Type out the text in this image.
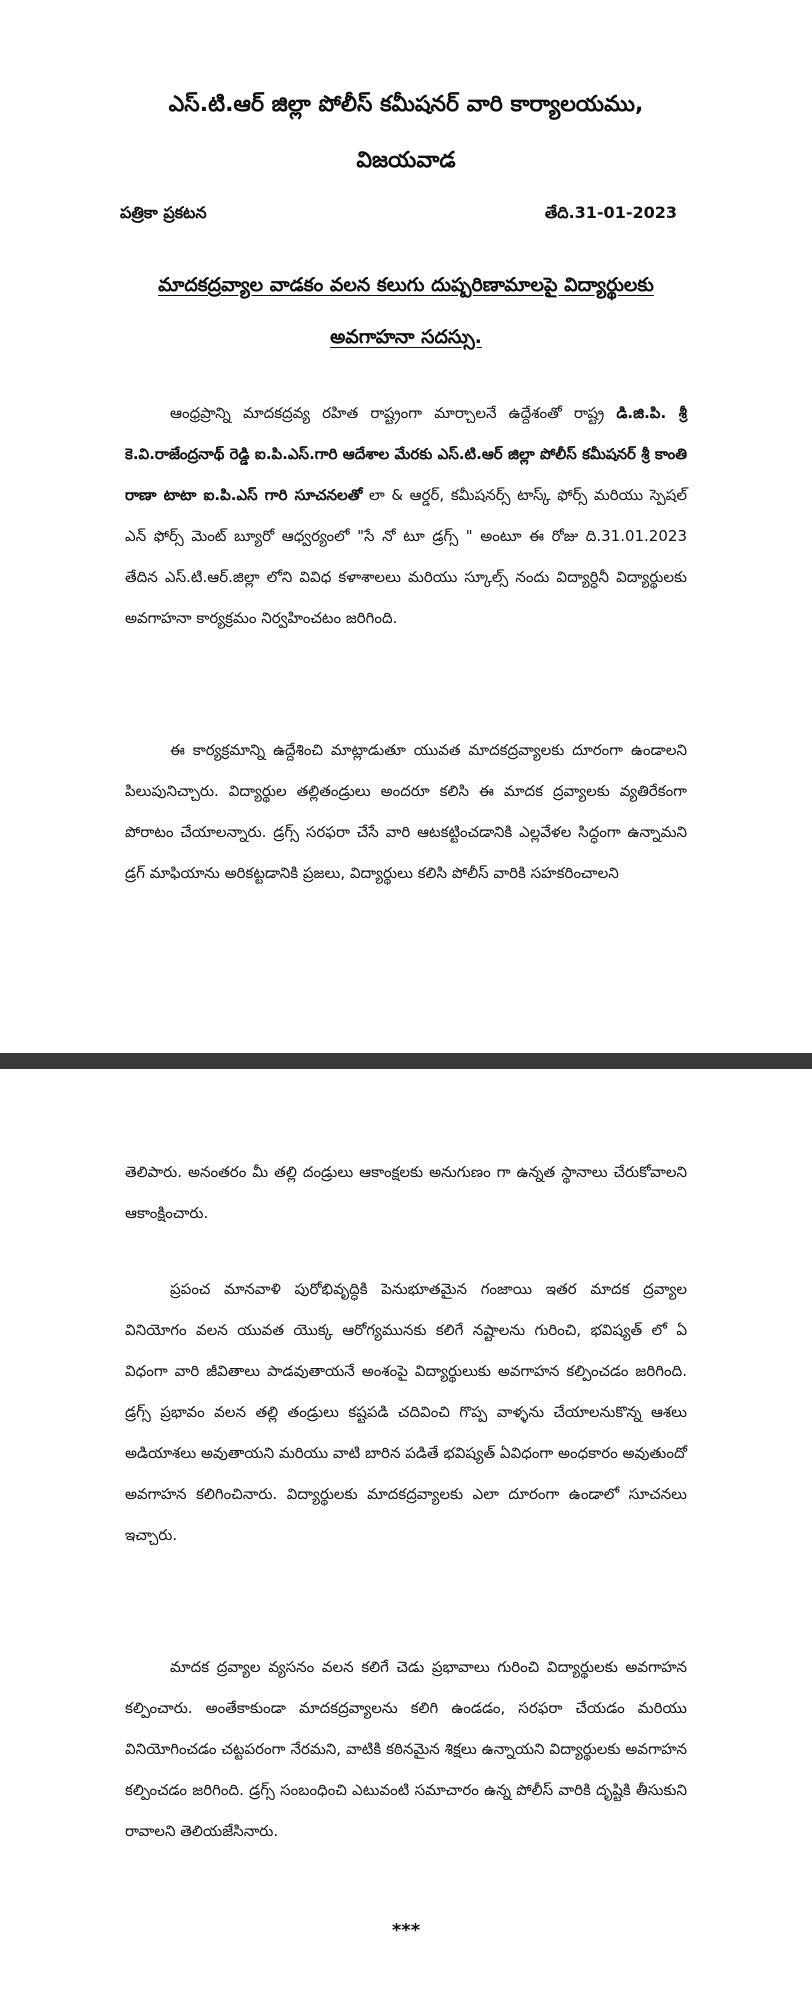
ఎస్.టి.ఆర్ జిల్లా పోలీస్ కమీషనర్ వారి కార్యాలయము,
విజయవాడ
పత్రికా ప్రకటన	తేది.31-01-2023
మాదకద్రవ్యాల వాడకం వలన కలుగు దుష్పరిణామాలపై విద్యార్థులకు
అవగాహనా సదస్సు.
ఆంధ్రప్రాన్ని మాదకద్రవ్య రహిత రాష్ట్రంగా మార్చాలనే ఉద్దేశంతో రాష్ట్ర డి.జి.పి. శ్రీ కె.వి.రాజేంద్రనాథ్ రెడ్డి ఐ.పి.ఎస్.గారి ఆదేశాల మేరకు ఎస్.టి.ఆర్ జిల్లా పోలీస్ కమీషనర్ శ్రీ కాంతి రాణా టాటా ఐ.పి.ఎస్ గారి సూచనలతో లా & ఆర్డర్, కమీషనర్స్ టాస్క్ ఫోర్స్ మరియు స్పెషల్ ఎన్ ఫోర్స్ మెంట్ బ్యూరో ఆధ్వర్యంలో "సే నో టూ డ్రగ్స్ " అంటూ ఈ రోజు ది.31.01.2023 తేదిన ఎస్.టి.ఆర్.జిల్లా లోని వివిధ కళాశాలలు మరియు స్కూల్స్ నందు విద్యార్ధినీ విద్యార్థులకు అవగాహనా కార్యక్రమం నిర్వహించటం జరిగింది.
ఈ కార్యక్రమాన్ని ఉద్దేశించి మాట్లాడుతూ యువత మాదకద్రవ్యాలకు దూరంగా ఉండాలని పిలుపునిచ్చారు. విద్యార్థుల తల్లితండ్రులు అందరూ కలిసి ఈ మాదక ద్రవ్యాలకు వ్యతిరేకంగా పోరాటం చేయాలన్నారు. డ్రగ్స్ సరఫరా చేసే వారి ఆటకట్టించడానికి ఎల్లవేళల సిద్ధంగా ఉన్నామని డ్రగ్ మాఫియాను అరికట్టడానికి ప్రజలు, విద్యార్థులు కలిసి పోలీస్ వారికి సహకరించాలని
తెలిపారు. అనంతరం మీ తల్లి దండ్రులు ఆకాంక్షలకు అనుగుణం గా ఉన్నత స్థానాలు చేరుకోవాలని ఆకాంక్షించారు.
ప్రపంచ మానవాళి పురోభివృద్ధికి పెనుభూతమైన గంజాయి ఇతర మాదక ద్రవ్యాల వినియోగం వలన యువత యొక్క ఆరోగ్యమునకు కలిగే నష్టాలను గురించి, భవిష్యత్ లో ఏ విధంగా వారి జీవితాలు పాడవుతాయనే అంశంపై విద్యార్థులుకు అవగాహన కల్పించడం జరిగింది. డ్రగ్స్ ప్రభావం వలన తల్లి తండ్రులు కష్టపడి చదివించి గొప్ప వాళ్ళను చేయాలనుకొన్న ఆశలు అడియాశలు అవుతాయని మరియు వాటి బారిన పడితే భవిష్యత్ ఏవిధంగా అంధకారం అవుతుందో అవగాహన కలిగించినారు. విద్యార్థులకు మాదకద్రవ్యాలకు ఎలా దూరంగా ఉండాలో సూచనలు ఇచ్చారు.
మాదక ద్రవ్యాల వ్యసనం వలన కలిగే చెడు ప్రభావాలు గురించి విద్యార్థులకు అవగాహన కల్పించారు. అంతేకాకుండా మాదకద్రవ్యాలను కలిగి ఉండడం, సరఫరా చేయడం మరియు వినియోగించడం చట్టపరంగా నేరమని, వాటికి కఠినమైన శిక్షలు ఉన్నాయని విద్యార్థులకు అవగాహన కల్పించడం జరిగింది. డ్రగ్స్ సంబంధించి ఎటువంటి సమాచారం ఉన్న పోలీస్ వారికి దృష్టికి తీసుకుని రావాలని తెలియజేసినారు.
***
